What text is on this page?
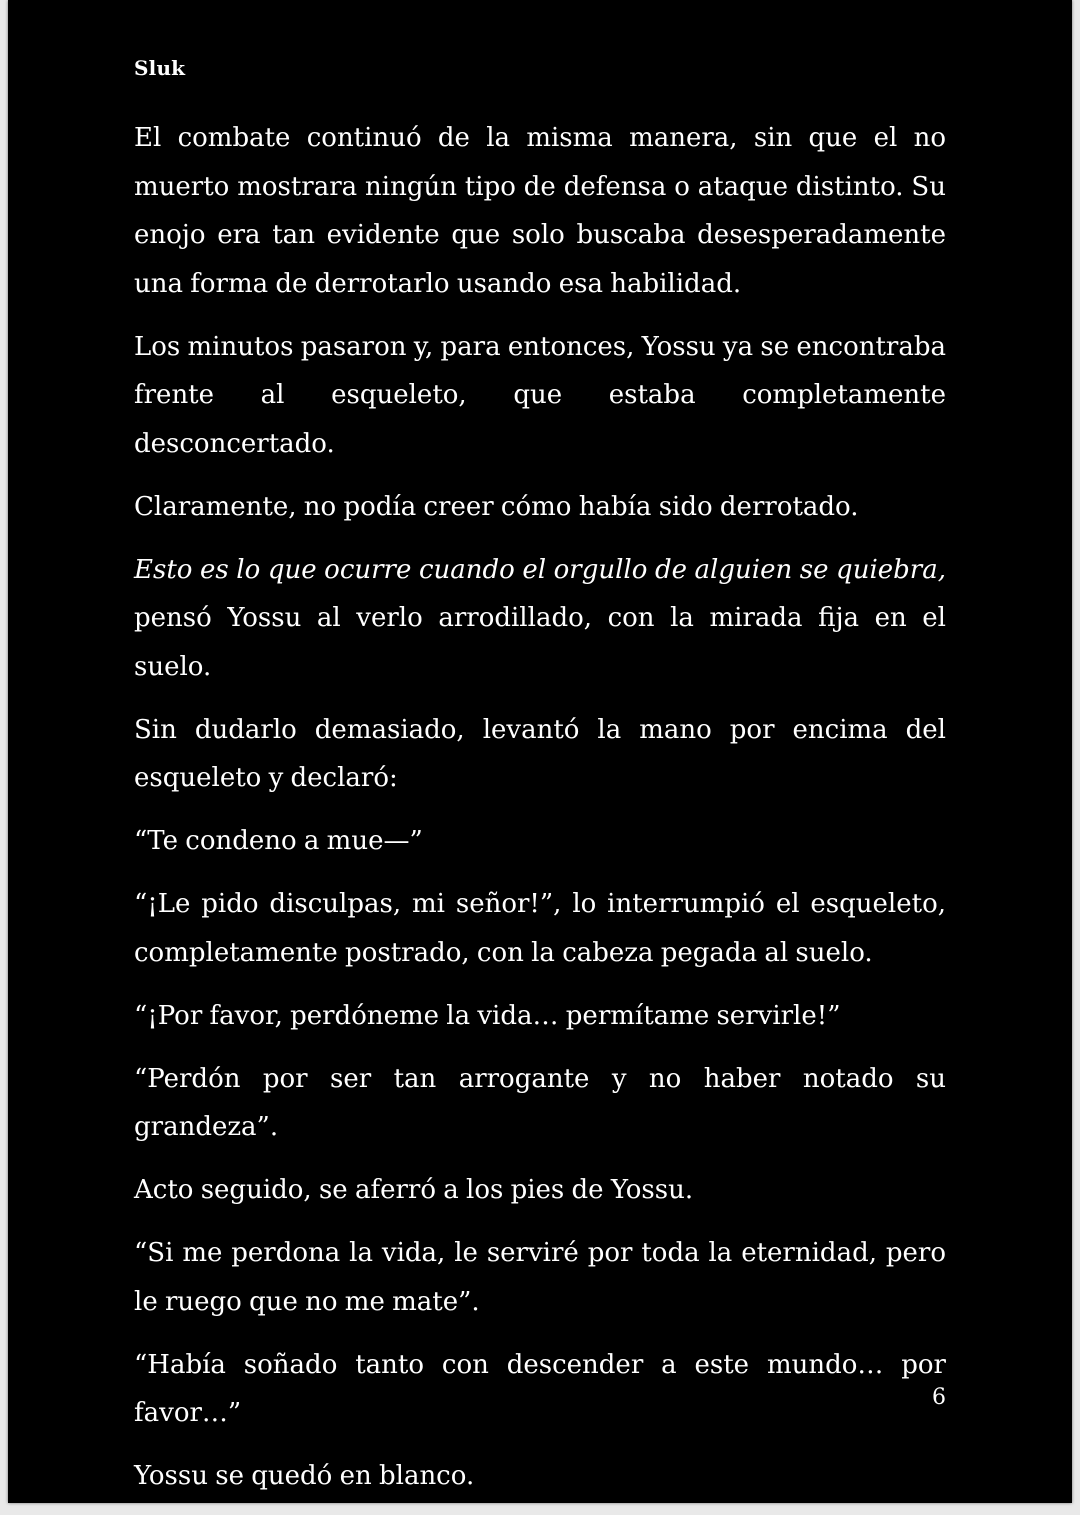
Sluk

El combate continuó de la misma manera, sin que el no muerto mostrara ningún tipo de defensa o ataque distinto. Su enojo era tan evidente que solo buscaba desesperadamente una forma de derrotarlo usando esa habilidad.

Los minutos pasaron y, para entonces, Yossu ya se encontraba frente al esqueleto, que estaba completamente desconcertado.

Claramente, no podía creer cómo había sido derrotado.

Esto es lo que ocurre cuando el orgullo de alguien se quiebra, pensó Yossu al verlo arrodillado, con la mirada fija en el suelo.

Sin dudarlo demasiado, levantó la mano por encima del esqueleto y declaró:

“Te condeno a mue—”

“¡Le pido disculpas, mi señor!”, lo interrumpió el esqueleto, completamente postrado, con la cabeza pegada al suelo.

“¡Por favor, perdóneme la vida… permítame servirle!”

“Perdón por ser tan arrogante y no haber notado su grandeza”.

Acto seguido, se aferró a los pies de Yossu.

“Si me perdona la vida, le serviré por toda la eternidad, pero le ruego que no me mate”.

“Había soñado tanto con descender a este mundo… por favor…”

Yossu se quedó en blanco.

6
